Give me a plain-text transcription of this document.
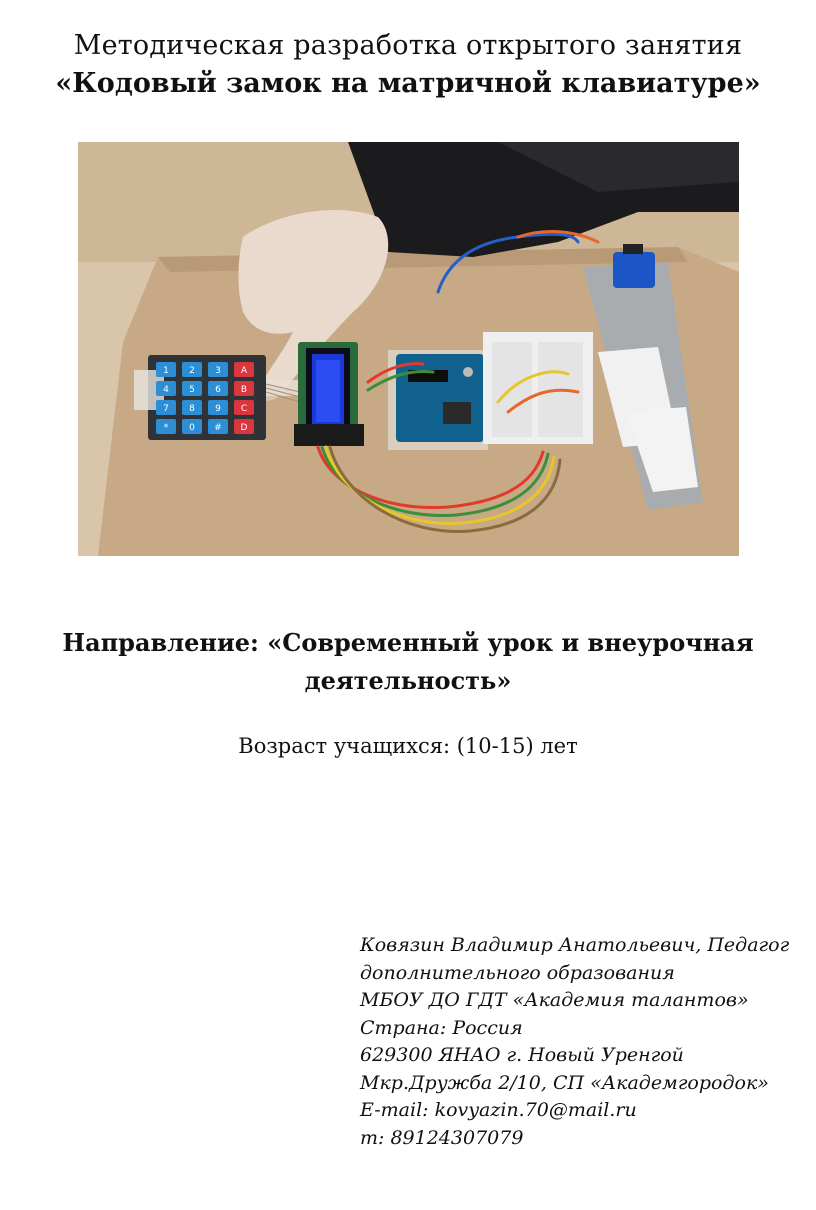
Методическая разработка открытого занятия
«Кодовый замок на матричной клавиатуре»
1 2 3 A
4 5 6 B
7 8 9 C
* 0 # D
Направление: «Современный урок и внеурочная деятельность»
Возраст учащихся: (10-15) лет
Ковязин Владимир Анатольевич, Педагог
дополнительного образования
МБОУ ДО ГДТ «Академия талантов»
Страна: Россия
629300 ЯНАО г. Новый Уренгой
Мкр.Дружба 2/10, СП «Академгородок»
E-mail: kovyazin.70@mail.ru
m: 89124307079
